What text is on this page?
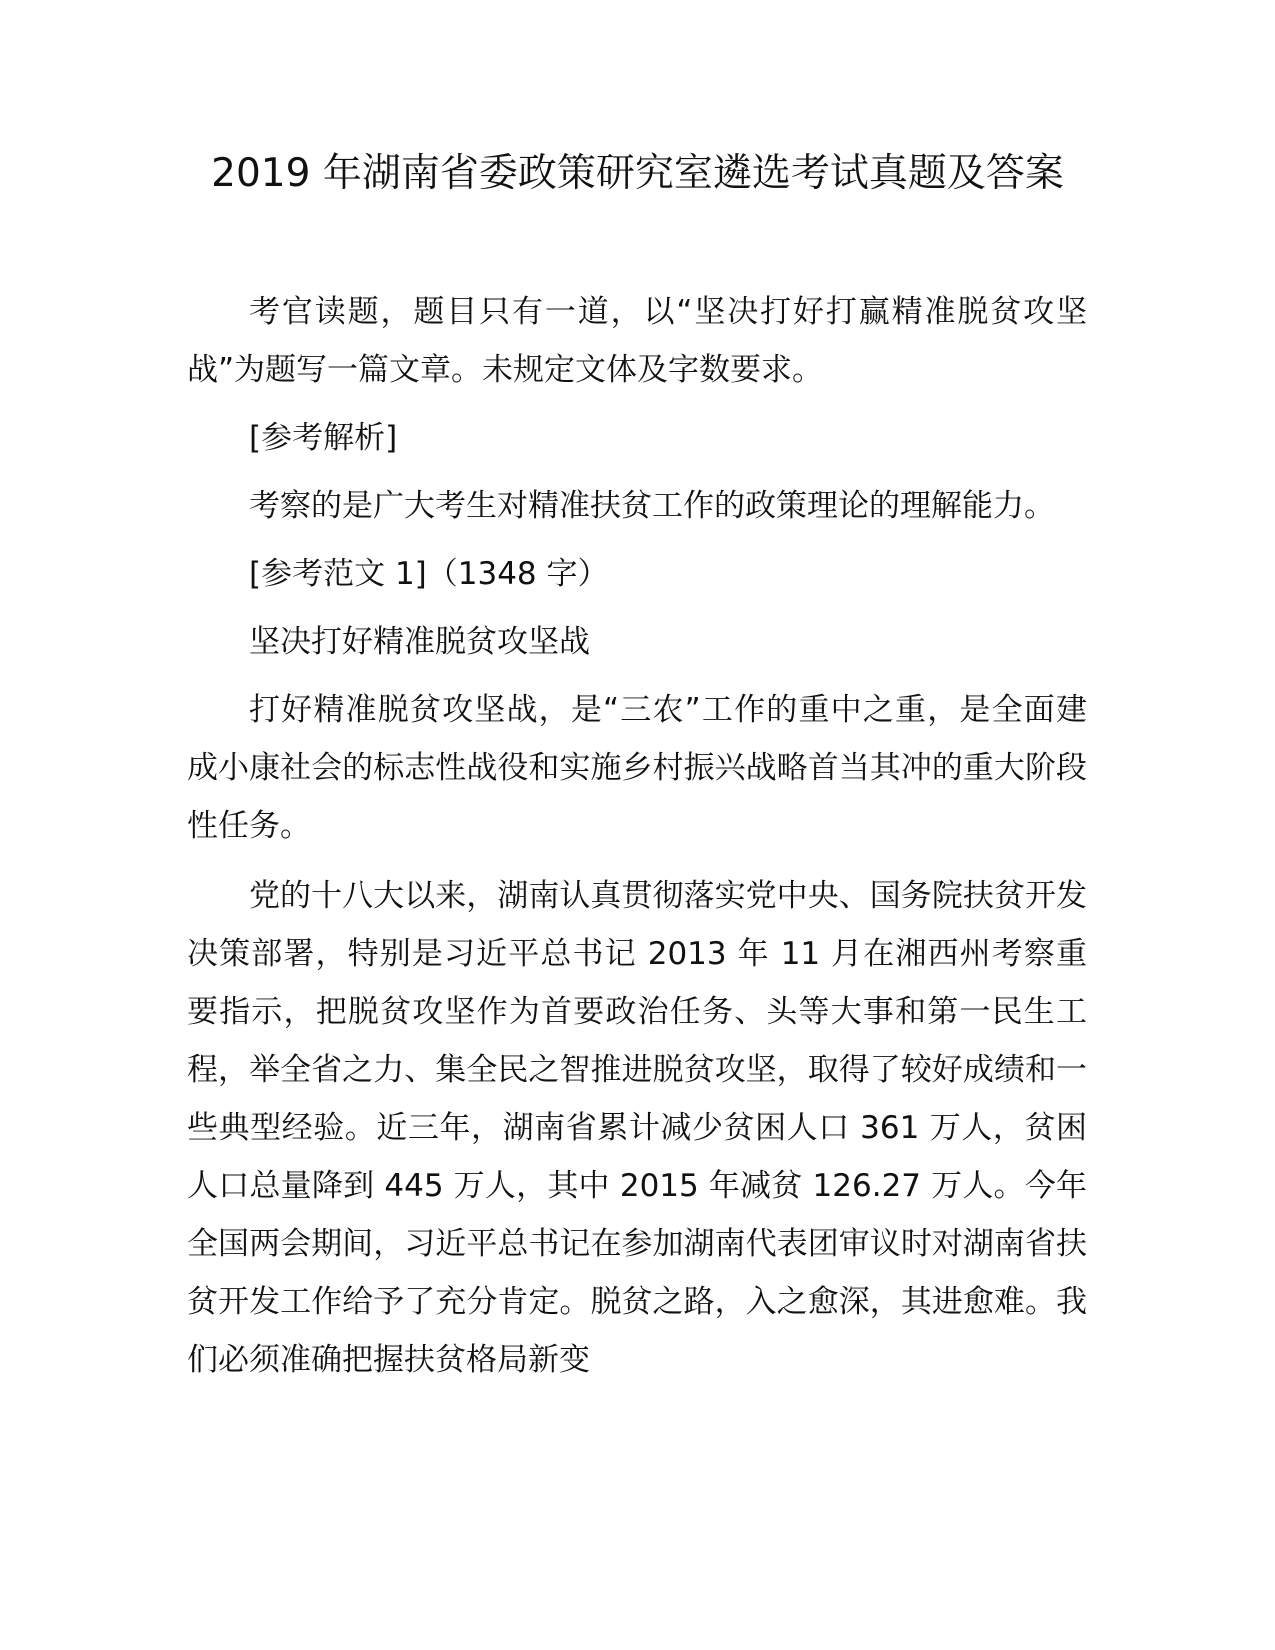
2019 年湖南省委政策研究室遴选考试真题及答案

考官读题，题目只有一道，以“坚决打好打赢精准脱贫攻坚战”为题写一篇文章。未规定文体及字数要求。

[参考解析]

考察的是广大考生对精准扶贫工作的政策理论的理解能力。

[参考范文 1]（1348 字）

坚决打好精准脱贫攻坚战

打好精准脱贫攻坚战，是“三农”工作的重中之重，是全面建成小康社会的标志性战役和实施乡村振兴战略首当其冲的重大阶段性任务。

党的十八大以来，湖南认真贯彻落实党中央、国务院扶贫开发决策部署，特别是习近平总书记 2013 年 11 月在湘西州考察重要指示，把脱贫攻坚作为首要政治任务、头等大事和第一民生工程，举全省之力、集全民之智推进脱贫攻坚，取得了较好成绩和一些典型经验。近三年，湖南省累计减少贫困人口 361 万人，贫困人口总量降到 445 万人，其中 2015 年减贫 126.27 万人。今年全国两会期间，习近平总书记在参加湖南代表团审议时对湖南省扶贫开发工作给予了充分肯定。脱贫之路，入之愈深，其进愈难。我们必须准确把握扶贫格局新变
